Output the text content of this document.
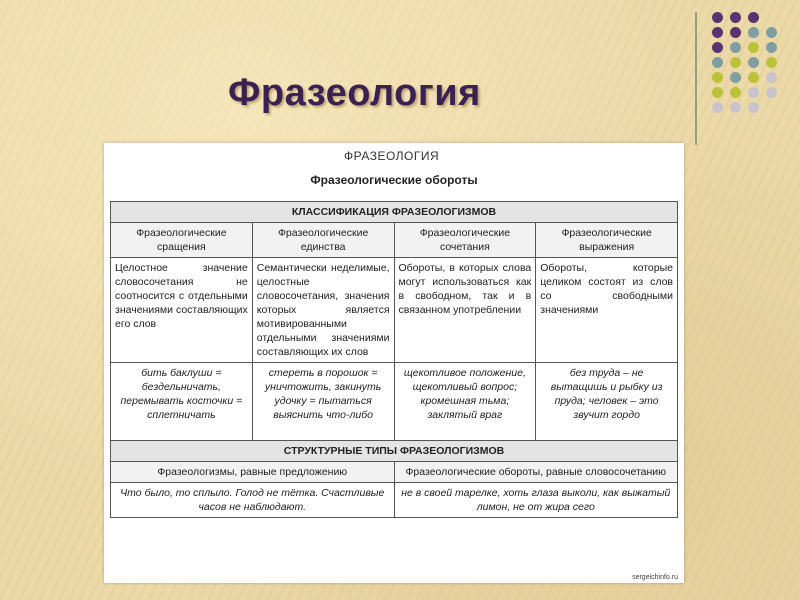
Фразеология
ФРАЗЕОЛОГИЯ
Фразеологические обороты
КЛАССИФИКАЦИЯ ФРАЗЕОЛОГИЗМОВ			
Фразеологические сращения	Фразеологические единства	Фразеологические сочетания	Фразеологические выражения
Целостное значение словосочетания не соотносится с отдельными значениями составляющих его слов	Семантически неделимые, целостные словосочетания, значения которых является мотивированными отдельными значениями составляющих их слов	Обороты, в которых слова могут использоваться как в свободном, так и в связанном употреблении	Обороты, которые целиком состоят из слов со свободными значениями
бить баклуши = бездельничать, перемывать косточки = сплетничать	стереть в порошок = уничтожить, закинуть удочку = пытаться выяснить что-либо	щекотливое положение, щекотливый вопрос; кромешная тьма; заклятый враг	без труда – не вытащишь и рыбку из пруда; человек – это звучит гордо
СТРУКТУРНЫЕ ТИПЫ ФРАЗЕОЛОГИЗМОВ			
Фразеологизмы, равные предложению		Фразеологические обороты, равные словосочетанию	
Что было, то сплыло. Голод не тётка. Счастливые часов не наблюдают.		не в своей тарелке, хоть глаза выколи, как выжатый лимон, не от жира сего	
sergeichinfo.ru
